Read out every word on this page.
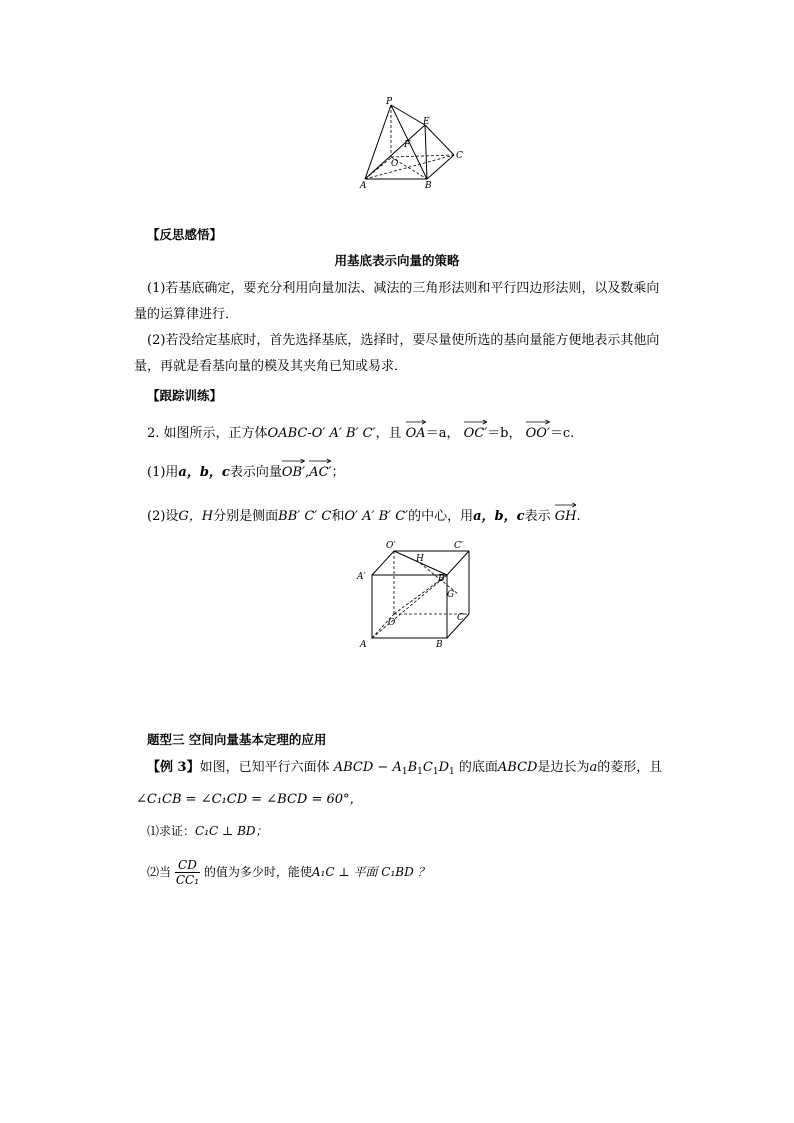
P
E
F
O
C
A	B
【反思感悟】
用基底表示向量的策略
(1)若基底确定，要充分利用向量加法、减法的三角形法则和平行四边形法则，以及数乘向量的运算律进行．
(2)若没给定基底时，首先选择基底，选择时，要尽量使所选的基向量能方便地表示其他向量，再就是看基向量的模及其夹角已知或易求．
【跟踪训练】
2. 如图所示，正方体OABC-O′ A′ B′ C′，且 OA＝a， OC′＝b， OO′＝c.
(1)用a，b，c表示向量
OB′,
AC′；
(2)设G，H分别是侧面BB′ C′ C和O′ A′ B′ C′的中心，用a，b，c表示 GH.
O′	C′
A′
H
B′
G
O	C
A	B
题型三 空间向量基本定理的应用
【例 3】如图，已知平行六面体 ABCD − $A_1B_1C_1D_1$ 的底面ABCD是边长为a的菱形，且
∠C₁CB = ∠C₁CD = ∠BCD = 60°，
⑴求证：C₁C ⊥ BD；
⑵当 $\frac{CD}{\text{CC₁}}$ 的值为多少时，能使A₁C ⊥ 平面 C₁BD ？
